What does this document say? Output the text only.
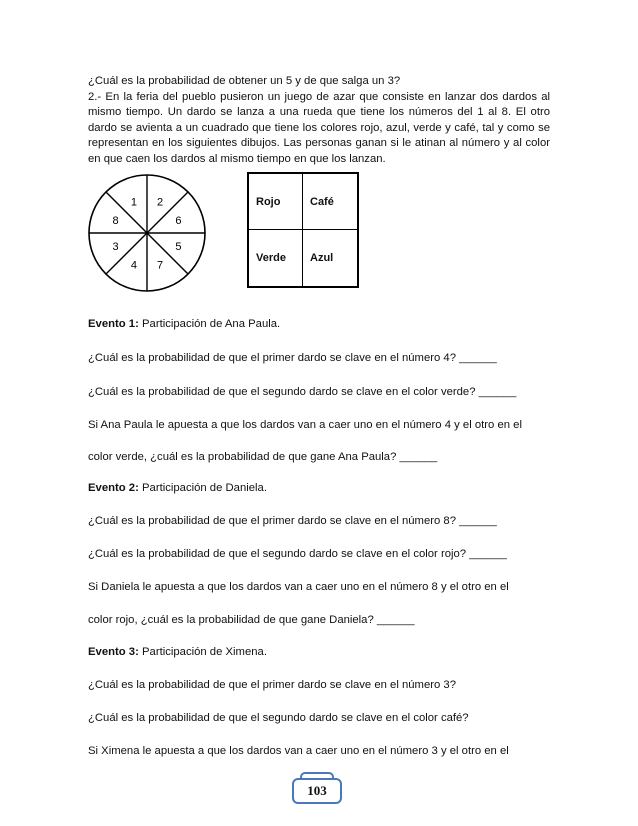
¿Cuál es la probabilidad de obtener un 5 y de que salga un 3?

2.- En la feria del pueblo pusieron un juego de azar que consiste en lanzar dos dardos al mismo tiempo. Un dardo se lanza a una rueda que tiene los números del 1 al 8. El otro dardo se avienta a un cuadrado que tiene los colores rojo, azul, verde y café, tal y como se representan en los siguientes dibujos. Las personas ganan si le atinan al número y al color en que caen los dardos al mismo tiempo en que los lanzan.

1 2
6
5
7
4
3
8
Rojo	Café
Verde	Azul
Evento 1: Participación de Ana Paula.
¿Cuál es la probabilidad de que el primer dardo se clave en el número 4? ______
¿Cuál es la probabilidad de que el segundo dardo se clave en el color verde? ______
Si Ana Paula le apuesta a que los dardos van a caer uno en el número 4 y el otro en el
color verde, ¿cuál es la probabilidad de que gane Ana Paula? ______
Evento 2: Participación de Daniela.
¿Cuál es la probabilidad de que el primer dardo se clave en el número 8? ______
¿Cuál es la probabilidad de que el segundo dardo se clave en el color rojo? ______
Si Daniela le apuesta a que los dardos van a caer uno en el número 8 y el otro en el
color rojo, ¿cuál es la probabilidad de que gane Daniela? ______
Evento 3: Participación de Ximena.
¿Cuál es la probabilidad de que el primer dardo se clave en el número 3?
¿Cuál es la probabilidad de que el segundo dardo se clave en el color café?
Si Ximena le apuesta a que los dardos van a caer uno en el número 3 y el otro en el
103
